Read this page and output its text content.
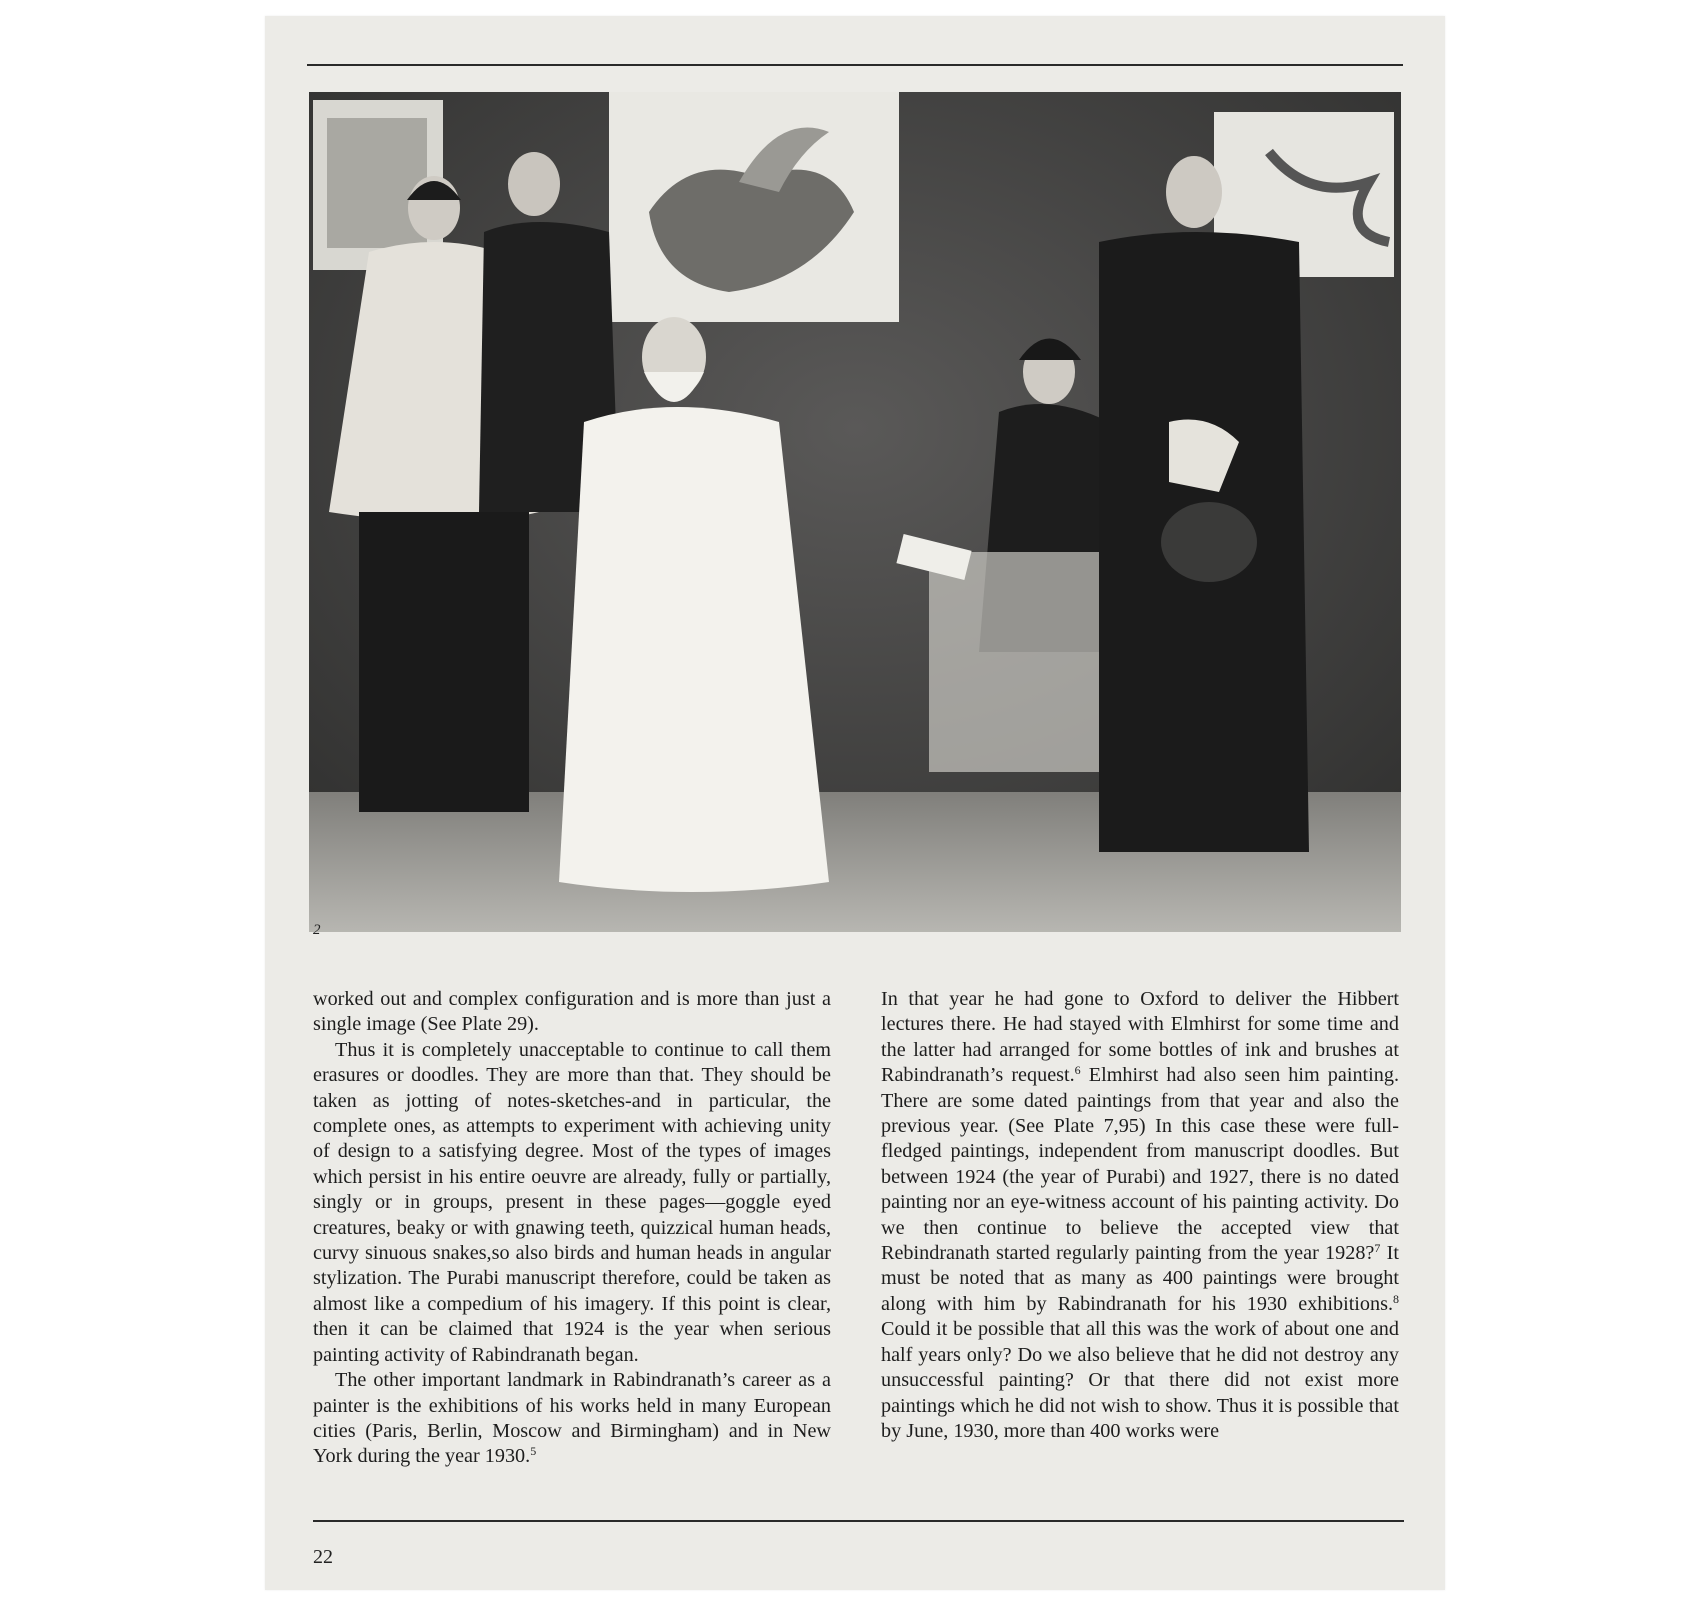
2

worked out and complex configuration and is more than just a single image (See Plate 29).

Thus it is completely unacceptable to continue to call them erasures or doodles. They are more than that. They should be taken as jotting of notes-sketches-and in particular, the complete ones, as attempts to experiment with achieving unity of design to a satisfying degree. Most of the types of images which persist in his entire oeuvre are already, fully or partially, singly or in groups, present in these pages—goggle eyed creatures, beaky or with gnawing teeth, quizzical human heads, curvy sinuous snakes,so also birds and human heads in angular stylization. The Purabi manuscript therefore, could be taken as almost like a compedium of his imagery. If this point is clear, then it can be claimed that 1924 is the year when serious painting activity of Rabindranath began.

The other important landmark in Rabindranath’s career as a painter is the exhibitions of his works held in many European cities (Paris, Berlin, Moscow and Birmingham) and in New York during the year 1930.$^5$

In that year he had gone to Oxford to deliver the Hibbert lectures there. He had stayed with Elmhirst for some time and the latter had arranged for some bottles of ink and brushes at Rabindranath’s request.$^6$ Elmhirst had also seen him painting. There are some dated paintings from that year and also the previous year. (See Plate 7,95) In this case these were full-fledged paintings, independent from manuscript doodles. But between 1924 (the year of Purabi) and 1927, there is no dated painting nor an eye-witness account of his painting activity. Do we then continue to believe the accepted view that Rebindranath started regularly painting from the year 1928?$^7$ It must be noted that as many as 400 paintings were brought along with him by Rabindranath for his 1930 exhibitions.$^8$ Could it be possible that all this was the work of about one and half years only? Do we also believe that he did not destroy any unsuccessful painting? Or that there did not exist more paintings which he did not wish to show. Thus it is possible that by June, 1930, more than 400 works were

22
